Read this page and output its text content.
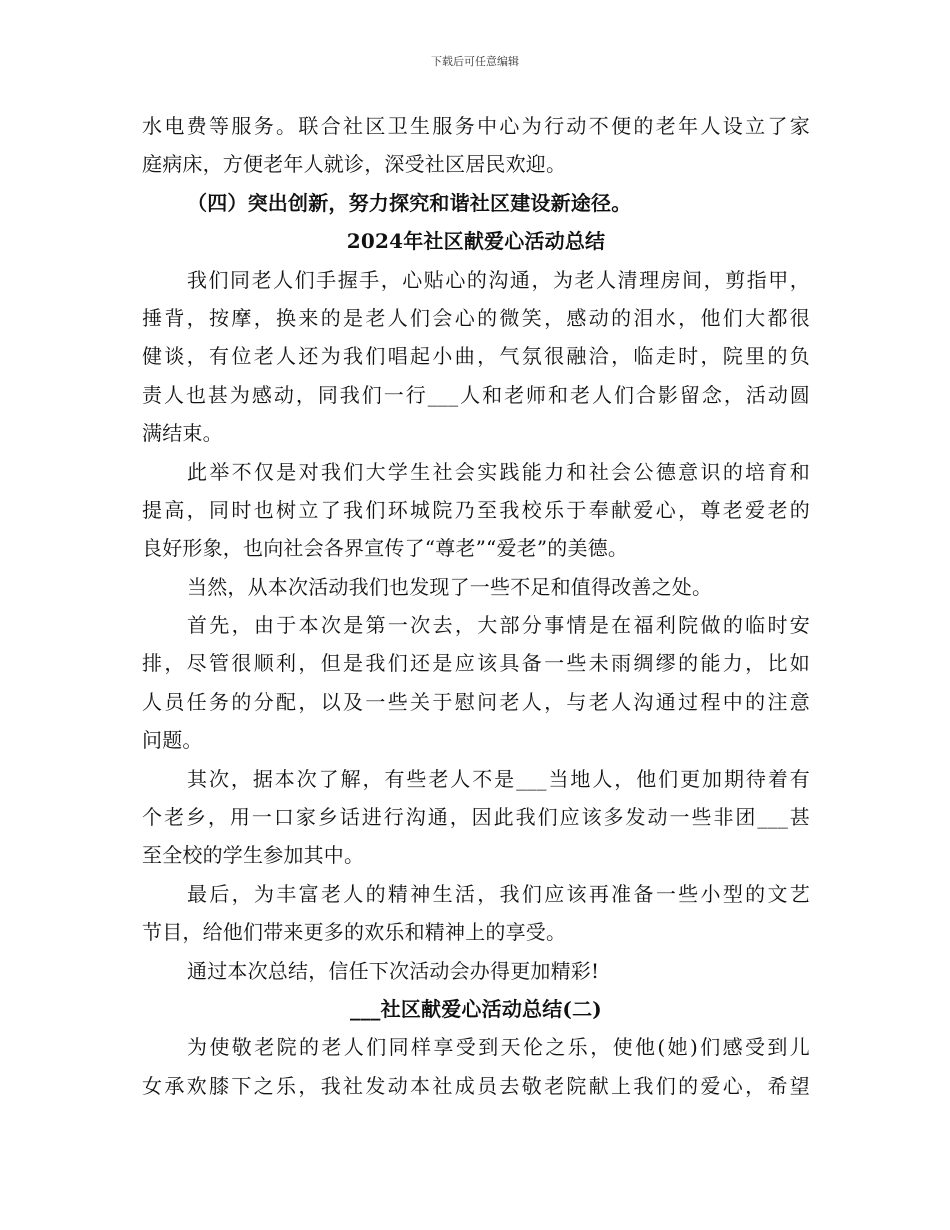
下载后可任意编辑
水电费等服务。联合社区卫生服务中心为行动不便的老年人设立了家
庭病床，方便老年人就诊，深受社区居民欢迎。
（四）突出创新，努力探究和谐社区建设新途径。
2024年社区献爱心活动总结
我们同老人们手握手，心贴心的沟通，为老人清理房间，剪指甲，
捶背，按摩，换来的是老人们会心的微笑，感动的泪水，他们大都很
健谈，有位老人还为我们唱起小曲，气氛很融洽，临走时，院里的负
责人也甚为感动，同我们一行___人和老师和老人们合影留念，活动圆
满结束。
此举不仅是对我们大学生社会实践能力和社会公德意识的培育和
提高，同时也树立了我们环城院乃至我校乐于奉献爱心，尊老爱老的
良好形象，也向社会各界宣传了“尊老”“爱老”的美德。
当然，从本次活动我们也发现了一些不足和值得改善之处。
首先，由于本次是第一次去，大部分事情是在福利院做的临时安
排，尽管很顺利，但是我们还是应该具备一些未雨绸缪的能力，比如
人员任务的分配，以及一些关于慰问老人，与老人沟通过程中的注意
问题。
其次，据本次了解，有些老人不是___当地人，他们更加期待着有
个老乡，用一口家乡话进行沟通，因此我们应该多发动一些非团___甚
至全校的学生参加其中。
最后，为丰富老人的精神生活，我们应该再准备一些小型的文艺
节目，给他们带来更多的欢乐和精神上的享受。
通过本次总结，信任下次活动会办得更加精彩!
___社区献爱心活动总结(二)
为使敬老院的老人们同样享受到天伦之乐，使他(她)们感受到儿
女承欢膝下之乐，我社发动本社成员去敬老院献上我们的爱心，希望
